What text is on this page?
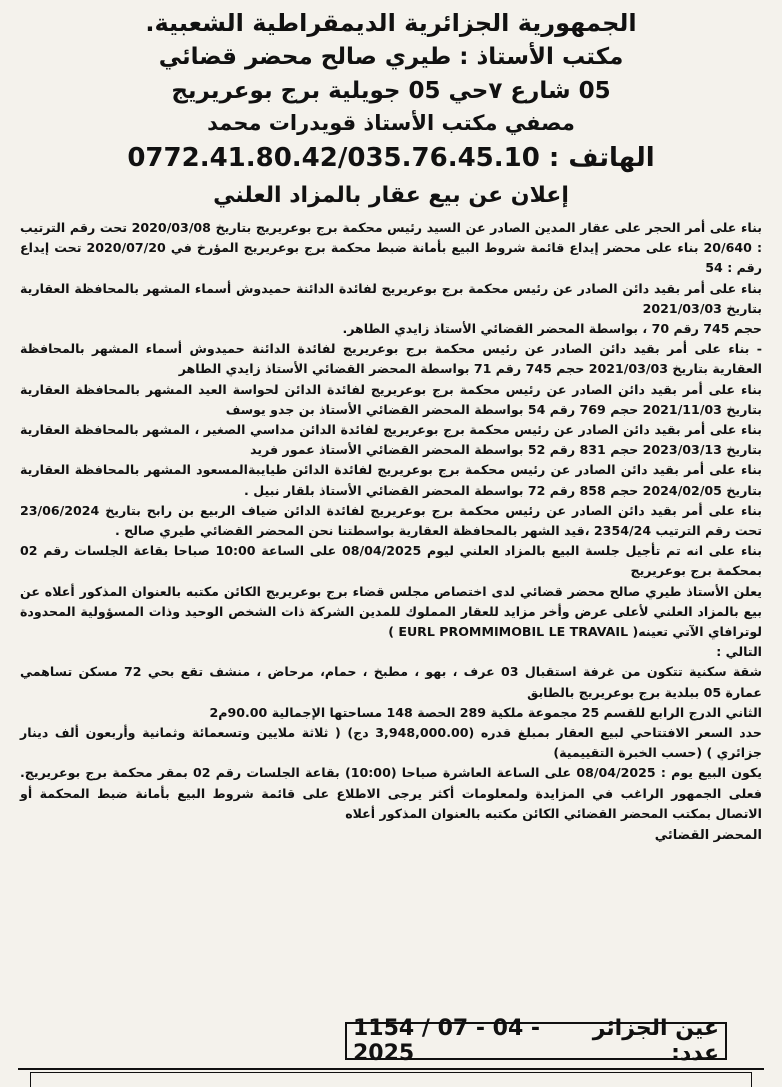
الجمهورية الجزائرية الديمقراطية الشعبية.
مكتب الأستاذ : طيري صالح محضر قضائي
05 شارع ٧حي 05 جويلية برج بوعريريج
مصفي مكتب الأستاذ قويدرات محمد
الهاتف : 0772.41.80.42/035.76.45.10
إعلان عن بيع عقار بالمزاد العلني

بناء على أمر الحجر على عقار المدين الصادر عن السيد رئيس محكمة برج بوعريريج بتاريخ 2020/03/08 تحت رقم الترتيب : 20/640 بناء على محضر إيداع قائمة شروط البيع بأمانة ضبط محكمة برج بوعريريج المؤرخ في 2020/07/20 تحت إيداع رقم : 54

بناء على أمر بقيد دائن الصادر عن رئيس محكمة برج بوعريريج لفائدة الدائنة حميدوش أسماء المشهر بالمحافظة العقارية بتاريخ 2021/03/03

حجم 745 رقم 70 ، بواسطة المحضر القضائي الأستاذ زايدي الطاهر.

- بناء على أمر بقيد دائن الصادر عن رئيس محكمة برج بوعريريج لفائدة الدائنة حميدوش أسماء المشهر بالمحافظة العقارية بتاريخ 2021/03/03 حجم 745 رقم 71 بواسطة المحضر القضائي الأستاذ زايدي الطاهر

بناء على أمر بقيد دائن الصادر عن رئيس محكمة برج بوعريريج لفائدة الدائن لحواسة العيد المشهر بالمحافظة العقارية بتاريخ 2021/11/03 حجم 769 رقم 54 بواسطة المحضر القضائي الأستاذ بن جدو يوسف

بناء على أمر بقيد دائن الصادر عن رئيس محكمة برج بوعريريج لفائدة الدائن مداسي الصغير ، المشهر بالمحافظة العقارية بتاريخ 2023/03/13 حجم 831 رقم 52 بواسطة المحضر القضائي الأستاذ عمور فريد

بناء على أمر بقيد دائن الصادر عن رئيس محكمة برج بوعريريج لفائدة الدائن طيايبةالمسعود المشهر بالمحافظة العقارية بتاريخ 2024/02/05 حجم 858 رقم 72 بواسطة المحضر القضائي الأستاذ بلقار نبيل .

بناء على أمر بقيد دائن الصادر عن رئيس محكمة برج بوعريريج لفائدة الدائن ضياف الربيع بن رابح بتاريخ 23/06/2024 تحت رقم الترتيب 2354/24 ،قيد الشهر بالمحافظة العقارية بواسطتنا نحن المحضر القضائي طيري صالح .

بناء على انه تم تأجيل جلسة البيع بالمزاد العلني ليوم 08/04/2025 على الساعة 10:00 صباحا بقاعة الجلسات رقم 02 بمحكمة برج بوعريريج

يعلن الأستاذ طيري صالح محضر قضائي لدى اختصاص مجلس قضاء برج بوعريريج الكائن مكتبه بالعنوان المذكور أعلاه عن بيع بالمزاد العلني لأعلى عرض وأخر مزايد للعقار المملوك للمدين الشركة ذات الشخص الوحيد وذات المسؤولية المحدودة لوترافاي الآتي تعينه( EURL PROMMIMOBIL LE TRAVAIL )

التالي :

شقة سكنية تتكون من غرفة استقبال 03 عرف ، بهو ، مطبخ ، حمام، مرحاض ، منشف تقع بحي 72 مسكن تساهمي عمارة 05 ببلدية برج بوعريريج بالطابق

الثاني الدرج الرابع للقسم 25 مجموعة ملكية 289 الحصة 148 مساحتها الإجمالية 90.00م2

حدد السعر الافتتاحي لبيع العقار بمبلغ قدره (3,948,000.00 دج) ( ثلاثة ملايين وتسعمائة وثمانية وأربعون ألف دينار جزائري ) (حسب الخبرة التقييمية)

يكون البيع يوم : 08/04/2025 على الساعة العاشرة صباحا (10:00) بقاعة الجلسات رقم 02 بمقر محكمة برج بوعريريج. فعلى الجمهور الراغب في المزايدة ولمعلومات أكثر يرجى الاطلاع على قائمة شروط البيع بأمانة ضبط المحكمة أو الاتصال بمكتب المحضر القضائي الكائن مكتبه بالعنوان المذكور أعلاه

المحضر القضائي
عين الجزائر عدد:
1154 / 07 - 04 - 2025
